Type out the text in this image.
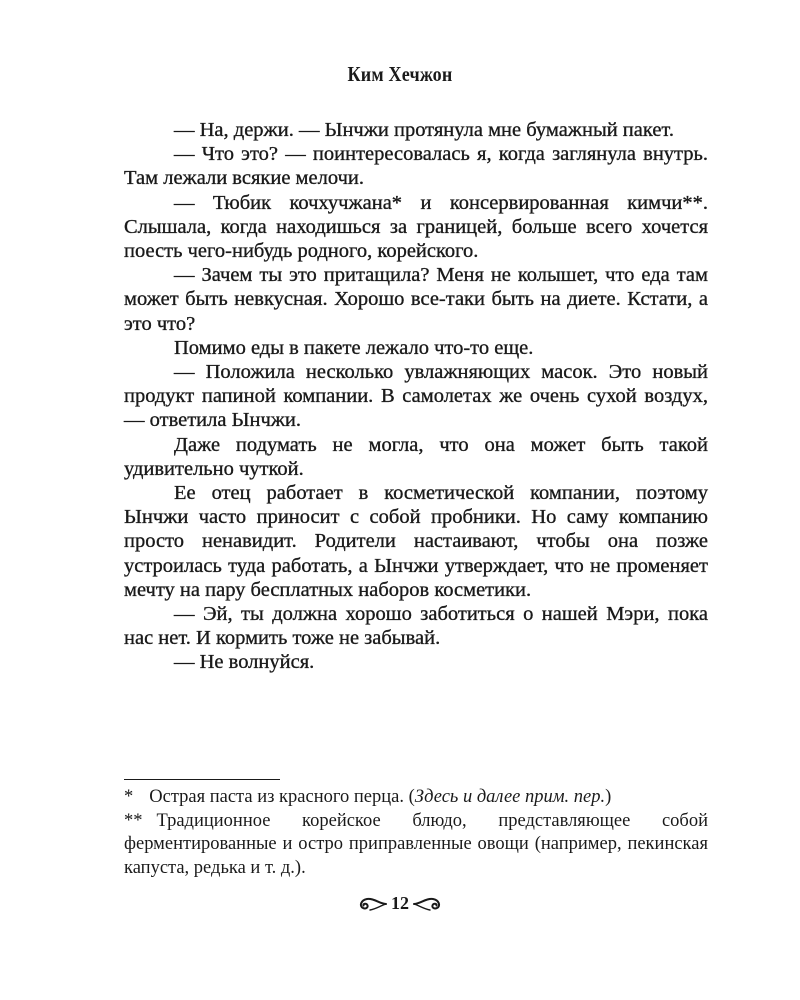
Ким Хечжон

— На, держи. — Ынчжи протянула мне бумажный пакет.

— Что это? — поинтересовалась я, когда заглянула внутрь. Там лежали всякие мелочи.

— Тюбик кочхучжана* и консервированная кимчи**. Слышала, когда находишься за границей, больше всего хочется поесть чего-нибудь родного, корейского.

— Зачем ты это притащила? Меня не колышет, что еда там может быть невкусная. Хорошо все-таки быть на диете. Кстати, а это что?

Помимо еды в пакете лежало что-то еще.

— Положила несколько увлажняющих масок. Это новый продукт папиной компании. В самолетах же очень сухой воздух, — ответила Ынчжи.

Даже подумать не могла, что она может быть такой удивительно чуткой.

Ее отец работает в косметической компании, поэтому Ынчжи часто приносит с собой пробники. Но саму компанию просто ненавидит. Родители настаивают, чтобы она позже устроилась туда работать, а Ынчжи утверждает, что не променяет мечту на пару бесплатных наборов косметики.

— Эй, ты должна хорошо заботиться о нашей Мэри, пока нас нет. И кормить тоже не забывай.

— Не волнуйся.

* Острая паста из красного перца. (Здесь и далее прим. пер.)

** Традиционное корейское блюдо, представляющее собой ферментированные и остро приправленные овощи (например, пекинская капуста, редька и т. д.).

12
